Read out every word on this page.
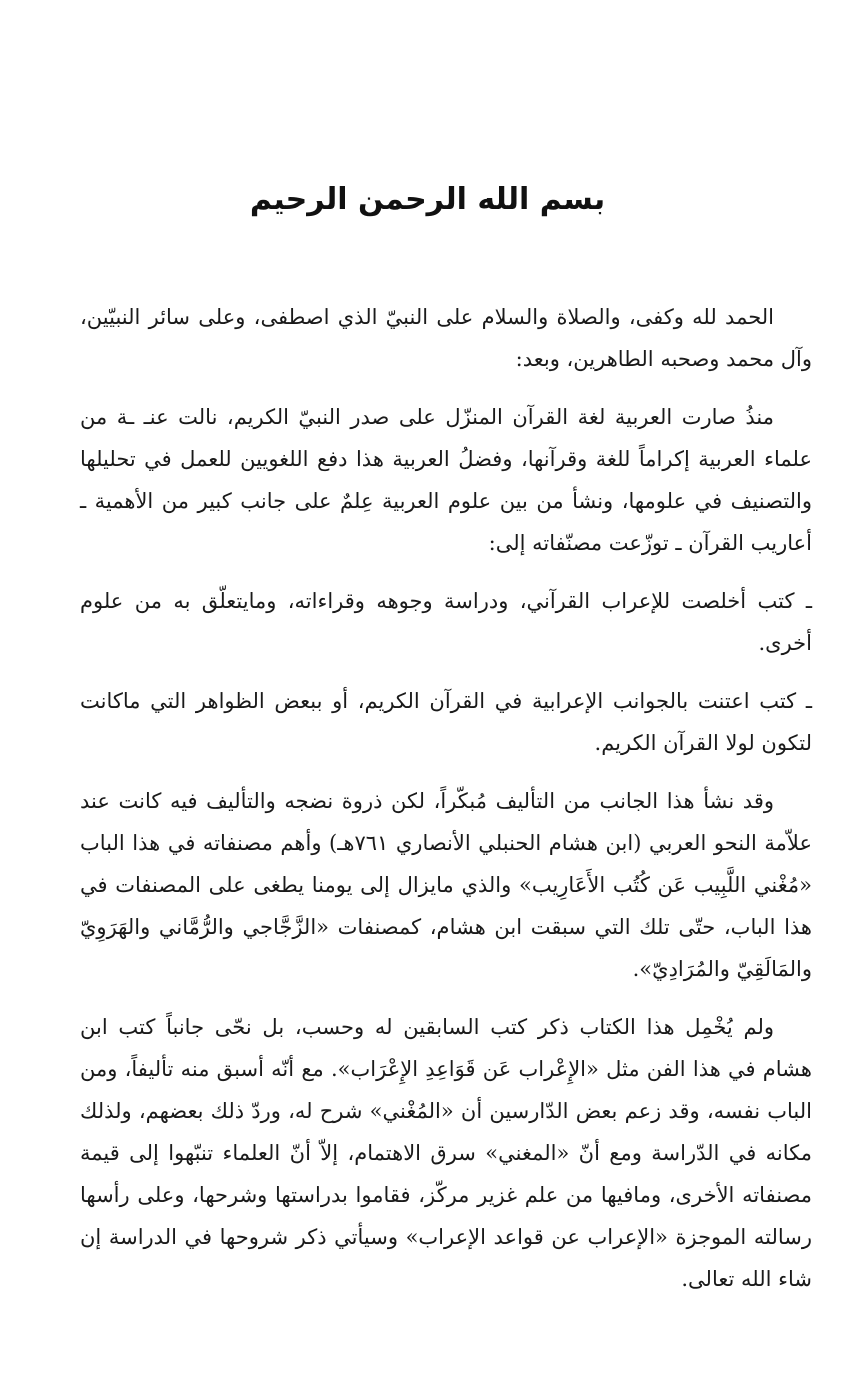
بسم الله الرحمن الرحيم

الحمد لله وكفى، والصلاة والسلام على النبيّ الذي اصطفى، وعلى سائر النبيّين، وآل محمد وصحبه الطاهرين، وبعد:

منذُ صارت العربية لغة القرآن المنزّل على صدر النبيّ الكريم، نالت عنـ ـة من علماء العربية إكراماً للغة وقرآنها، وفضلُ العربية هذا دفع اللغويين للعمل في تحليلها والتصنيف في علومها، ونشأ من بين علوم العربية عِلمٌ على جانب كبير من الأهمية ـ أعاريب القرآن ـ توزّعت مصنّفاته إلى:

ـ كتب أخلصت للإعراب القرآني، ودراسة وجوهه وقراءاته، ومايتعلّق به من علوم أخرى.

ـ كتب اعتنت بالجوانب الإعرابية في القرآن الكريم، أو ببعض الظواهر التي ماكانت لتكون لولا القرآن الكريم.

وقد نشأ هذا الجانب من التأليف مُبكّراً، لكن ذروة نضجه والتأليف فيه كانت عند علاّمة النحو العربي (ابن هشام الحنبلي الأنصاري ٧٦١هـ) وأهم مصنفاته في هذا الباب «مُغْني اللَّبِيب عَن كُتُب الأَعَارِيب» والذي مايزال إلى يومنا يطغى على المصنفات في هذا الباب، حتّى تلك التي سبقت ابن هشام، كمصنفات «الزَّجَّاجي والرُّمَّاني والهَرَوِيّ والمَالَقِيّ والمُرَادِيّ».

ولم يُخْمِل هذا الكتاب ذكر كتب السابقين له وحسب، بل نحّى جانباً كتب ابن هشام في هذا الفن مثل «الإِعْراب عَن قَوَاعِدِ الإِعْرَاب». مع أنّه أسبق منه تأليفاً، ومن الباب نفسه، وقد زعم بعض الدّارسين أن «المُغْني» شرح له، وردّ ذلك بعضهم، ولذلك مكانه في الدّراسة ومع أنّ «المغني» سرق الاهتمام، إلاّ أنّ العلماء تنبّهوا إلى قيمة مصنفاته الأخرى، ومافيها من علم غزير مركّز، فقاموا بدراستها وشرحها، وعلى رأسها رسالته الموجزة «الإعراب عن قواعد الإعراب» وسيأتي ذكر شروحها في الدراسة إن شاء الله تعالى.
